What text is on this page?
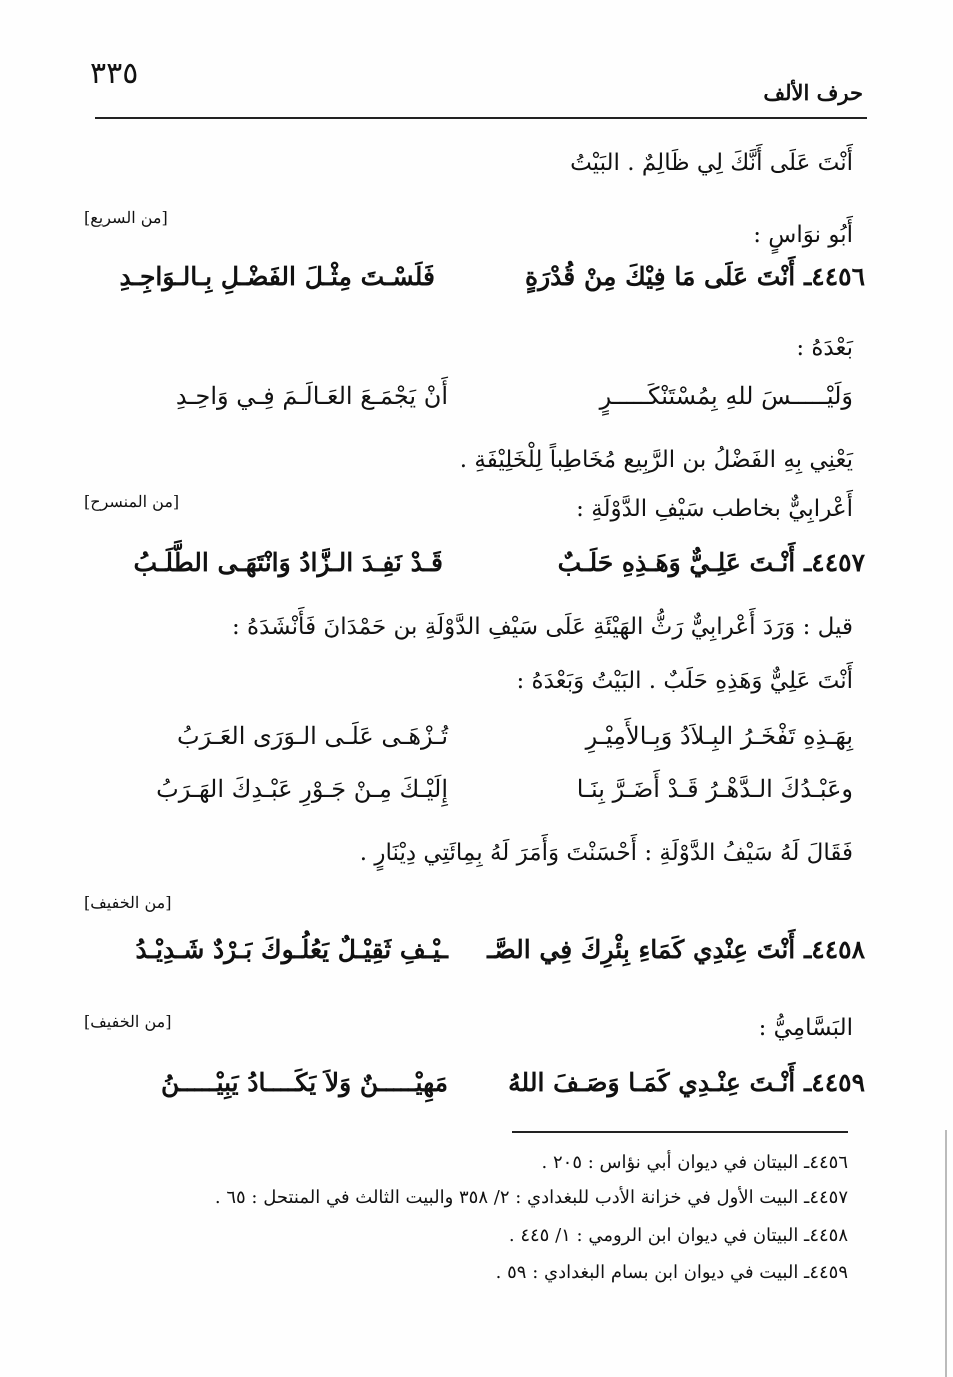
٣٣٥
حرف الألف
أَنْتَ عَلَى أَنَّكَ لِي ظَالِمٌ . البَيْتُ
[من السريع]
أَبُو نوَاسٍ :
٤٤٥٦ـ أَنْتَ عَلَى مَا فِيْكَ مِنْ قُدْرَةٍ
فَلَسْـتَ مِثْـلَ الفَضْـلِ بِـالـوَاجِـدِ
بَعْدَهُ :
وَلَيْـــــسَ للهِ بِمُسْتَنْكَـــــرٍ
أَنْ يَجْمَـعَ العَـالَـمَ فِـي وَاحِـدِ
يَعْنِي بِهِ الفَضْلُ بن الرَّبِيع مُخَاطِباً لِلْخَلِيْفَةِ .
[من المنسرح]	أَعْرابِيٌّ بخاطب سَيْفِ الدَّوْلَةِ :
٤٤٥٧ـ أَنْـتَ عَلِـيٌّ وَهَـذِهِ حَلَـبٌ
قَـدْ نَفِـدَ الـزَّادُ وَانْتَهَـى الطَّلَـبُ
قيل : وَرَدَ أَعْرابِيٌّ رَثُّ الهَيْئَةِ عَلَى سَيْفِ الدَّوْلَةِ بن حَمْدَانَ فَأَنْشَدَهُ :
أَنْتَ عَلِيٌّ وَهَذِهِ حَلَبٌ . البَيْتُ وَبَعْدَهُ :
بِهَـذِهِ تَفْخَـرُ البِـلاَدُ وَبِـالأَمِيْـرِ
تُـزْهَـى عَلَـى الـوَرَى العَـرَبُ
وعَبْـدُكَ الـدَّهْـرُ قَـدْ أَضَـرَّ بِنَـا
إِلَيْـكَ مِـنْ جَـوْرِ عَبْـدِكَ الهَـرَبُ
فَقَالَ لَهُ سَيْفُ الدَّوْلَةِ : أَحْسَنْتَ وَأَمَرَ لَهُ بِمِائَتِي دِيْنَارٍ .
[من الخفيف]
٤٤٥٨ـ أَنْتَ عِنْدِي كَمَاءِ بِئْرِكَ فِي الصَّـ
ـيْـفِ ثَقِيْـلٌ يَعُلُـوكَ بَـرْدٌ شَـدِيْـدُ
[من الخفيف]	البَسَّامِيُّ :
٤٤٥٩ـ أَنْـتَ عِنْـدِي كَمَـا وَصَـفَ اللهُ
مَهِيْـــــنٌ وَلاَ يَكَــــادُ يَبِيْـــــنُ
٤٤٥٦ـ البيتان في ديوان أبي نؤاس : ٢٠٥ .
٤٤٥٧ـ البيت الأول في خزانة الأدب للبغدادي : ٢/ ٣٥٨ والبيت الثالث في المنتحل : ٦٥ .
٤٤٥٨ـ البيتان في ديوان ابن الرومي : ١/ ٤٤٥ .
٤٤٥٩ـ البيت في ديوان ابن بسام البغدادي : ٥٩ .
